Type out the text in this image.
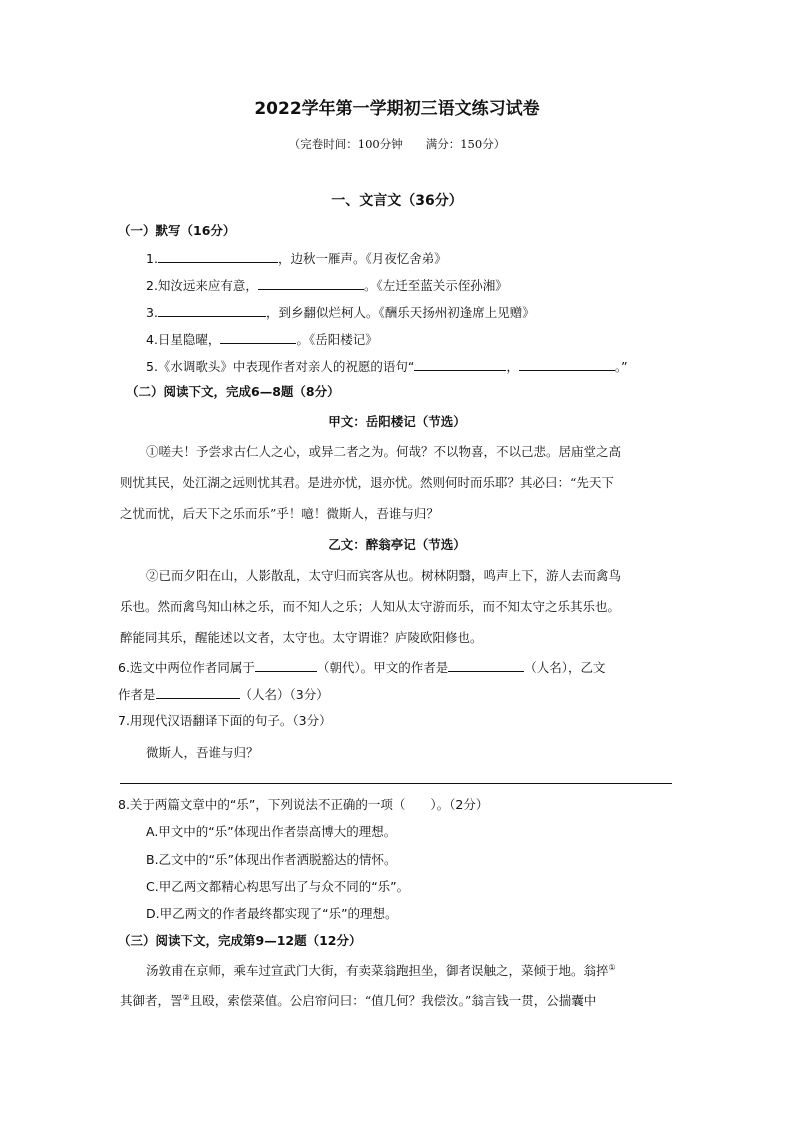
2022学年第一学期初三语文练习试卷
（完卷时间：100分钟　　满分：150分）
一、文言文（36分）
（一）默写（16分）
1.	，边秋一雁声。《月夜忆舍弟》
2.知汝远来应有意，	。《左迁至蓝关示侄孙湘》
3.	，到乡翻似烂柯人。《酬乐天扬州初逢席上见赠》
4.日星隐曜，	。《岳阳楼记》
5.《水调歌头》中表现作者对亲人的祝愿的语句“	，	。”
（二）阅读下文，完成6—8题（8分）
甲文：岳阳楼记（节选）
①嗟夫！予尝求古仁人之心，或异二者之为。何哉？不以物喜，不以己悲。居庙堂之高
则忧其民，处江湖之远则忧其君。是进亦忧，退亦忧。然则何时而乐耶？其必曰：“先天下
之忧而忧，后天下之乐而乐”乎！噫！微斯人，吾谁与归？
乙文：醉翁亭记（节选）
②已而夕阳在山，人影散乱，太守归而宾客从也。树林阴翳，鸣声上下，游人去而禽鸟
乐也。然而禽鸟知山林之乐，而不知人之乐；人知从太守游而乐，而不知太守之乐其乐也。
醉能同其乐，醒能述以文者，太守也。太守谓谁？庐陵欧阳修也。
6.选文中两位作者同属于	（朝代）。甲文的作者是	（人名），乙文
作者是	（人名）（3分）
7.用现代汉语翻译下面的句子。（3分）
微斯人，吾谁与归？
8.关于两篇文章中的“乐”，下列说法不正确的一项（　　）。（2分）
A.甲文中的“乐”体现出作者崇高博大的理想。
B.乙文中的“乐”体现出作者洒脱豁达的情怀。
C.甲乙两文都精心构思写出了与众不同的“乐”。
D.甲乙两文的作者最终都实现了“乐”的理想。
（三）阅读下文，完成第9—12题（12分）
汤敦甫在京师，乘车过宣武门大街，有卖菜翁跑担坐，御者误触之，菜倾于地。翁捽①
其御者，詈②且殴，索偿菜值。公启帘问曰：“值几何？我偿汝。”翁言钱一贯，公揣囊中
